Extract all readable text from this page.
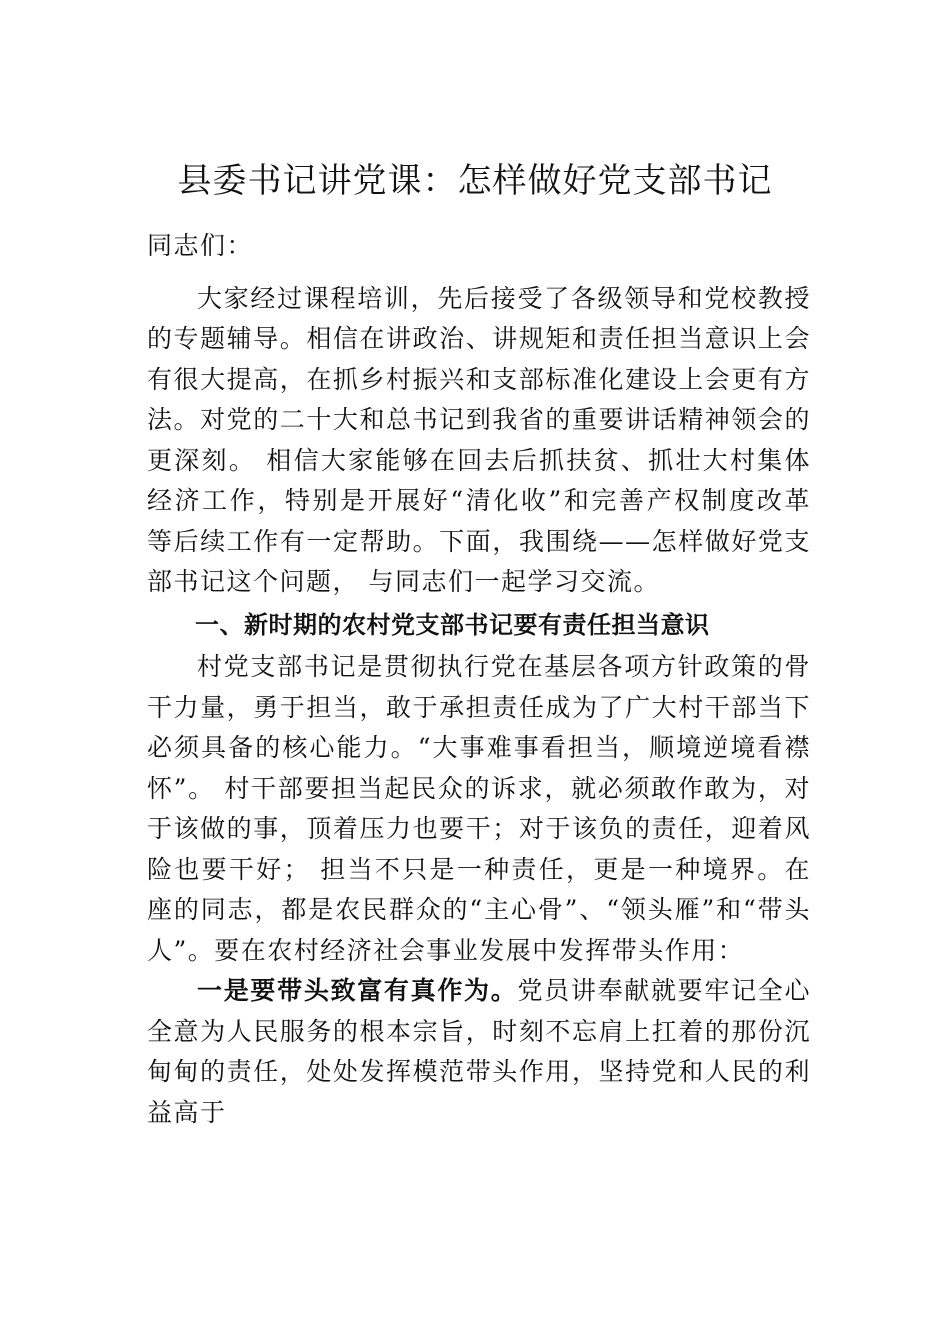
县委书记讲党课：怎样做好党支部书记

同志们：

大家经过课程培训，先后接受了各级领导和党校教授的专题辅导。相信在讲政治、讲规矩和责任担当意识上会有很大提高，在抓乡村振兴和支部标准化建设上会更有方法。对党的二十大和总书记到我省的重要讲话精神领会的更深刻。 相信大家能够在回去后抓扶贫、抓壮大村集体经济工作，特别是开展好“清化收”和完善产权制度改革等后续工作有一定帮助。下面，我围绕——怎样做好党支部书记这个问题， 与同志们一起学习交流。

一、新时期的农村党支部书记要有责任担当意识

村党支部书记是贯彻执行党在基层各项方针政策的骨干力量，勇于担当，敢于承担责任成为了广大村干部当下必须具备的核心能力。“大事难事看担当，顺境逆境看襟怀”。 村干部要担当起民众的诉求，就必须敢作敢为，对于该做的事，顶着压力也要干；对于该负的责任，迎着风险也要干好； 担当不只是一种责任，更是一种境界。在座的同志，都是农民群众的“主心骨”、“领头雁”和“带头人”。要在农村经济社会事业发展中发挥带头作用：

一是要带头致富有真作为。党员讲奉献就要牢记全心全意为人民服务的根本宗旨，时刻不忘肩上扛着的那份沉甸甸的责任，处处发挥模范带头作用，坚持党和人民的利益高于
